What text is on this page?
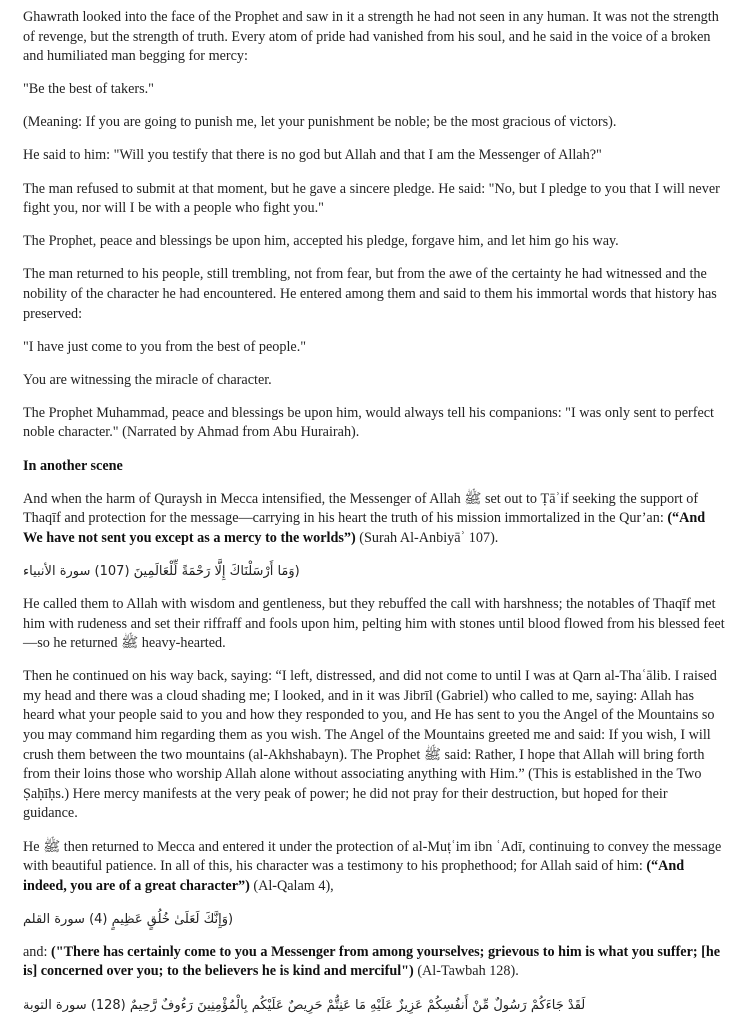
Ghawrath looked into the face of the Prophet and saw in it a strength he had not seen in any human. It was not the strength of revenge, but the strength of truth. Every atom of pride had vanished from his soul, and he said in the voice of a broken and humiliated man begging for mercy:

"Be the best of takers."

(Meaning: If you are going to punish me, let your punishment be noble; be the most gracious of victors).

He said to him: "Will you testify that there is no god but Allah and that I am the Messenger of Allah?"

The man refused to submit at that moment, but he gave a sincere pledge. He said: "No, but I pledge to you that I will never fight you, nor will I be with a people who fight you."

The Prophet, peace and blessings be upon him, accepted his pledge, forgave him, and let him go his way.

The man returned to his people, still trembling, not from fear, but from the awe of the certainty he had witnessed and the nobility of the character he had encountered. He entered among them and said to them his immortal words that history has preserved:

"I have just come to you from the best of people."

You are witnessing the miracle of character.

The Prophet Muhammad, peace and blessings be upon him, would always tell his companions: "I was only sent to perfect noble character." (Narrated by Ahmad from Abu Hurairah).

In another scene

And when the harm of Quraysh in Mecca intensified, the Messenger of Allah ﷺ set out to Ṭāʾif seeking the support of Thaqīf and protection for the message—carrying in his heart the truth of his mission immortalized in the Qur’an: (“And We have not sent you except as a mercy to the worlds”) (Surah Al-Anbiyāʾ 107).

(وَمَا أَرْسَلْنَاكَ إِلَّا رَحْمَةً لِّلْعَالَمِينَ (107) سورة الأنبياء

He called them to Allah with wisdom and gentleness, but they rebuffed the call with harshness; the notables of Thaqīf met him with rudeness and set their riffraff and fools upon him, pelting him with stones until blood flowed from his blessed feet—so he returned ﷺ heavy-hearted.

Then he continued on his way back, saying: “I left, distressed, and did not come to until I was at Qarn al-Thaʿālib. I raised my head and there was a cloud shading me; I looked, and in it was Jibrīl (Gabriel) who called to me, saying: Allah has heard what your people said to you and how they responded to you, and He has sent to you the Angel of the Mountains so you may command him regarding them as you wish. The Angel of the Mountains greeted me and said: If you wish, I will crush them between the two mountains (al-Akhshabayn). The Prophet ﷺ said: Rather, I hope that Allah will bring forth from their loins those who worship Allah alone without associating anything with Him.” (This is established in the Two Ṣaḥīḥs.) Here mercy manifests at the very peak of power; he did not pray for their destruction, but hoped for their guidance.

He ﷺ then returned to Mecca and entered it under the protection of al-Muṭʿim ibn ʿAdī, continuing to convey the message with beautiful patience. In all of this, his character was a testimony to his prophethood; for Allah said of him: (“And indeed, you are of a great character”) (Al-Qalam 4),

(وَإِنَّكَ لَعَلَىٰ خُلُقٍ عَظِيمٍ (4) سورة القلم

and: ("There has certainly come to you a Messenger from among yourselves; grievous to him is what you suffer; [he is] concerned over you; to the believers he is kind and merciful") (Al-Tawbah 128).

لَقَدْ جَاءَكُمْ رَسُولٌ مِّنْ أَنفُسِكُمْ عَزِيزٌ عَلَيْهِ مَا عَنِتُّمْ حَرِيصٌ عَلَيْكُم بِالْمُؤْمِنِينَ رَءُوفٌ رَّحِيمٌ (128) سورة التوبة
